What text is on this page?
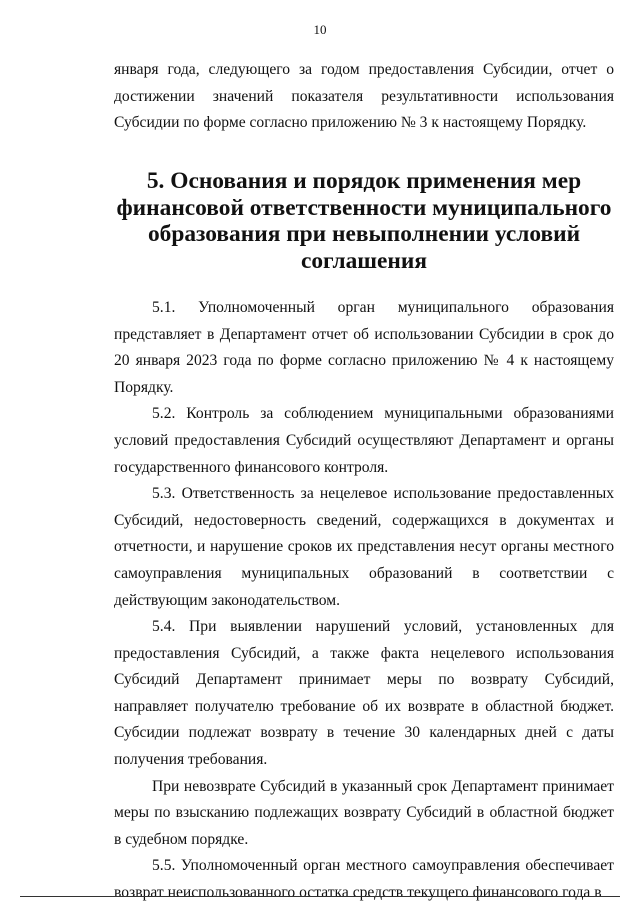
10

января года, следующего за годом предоставления Субсидии, отчет о достижении значений показателя результативности использования Субсидии по форме согласно приложению № 3 к настоящему Порядку.

5. Основания и порядок применения мер финансовой ответственности муниципального образования при невыполнении условий соглашения

5.1. Уполномоченный орган муниципального образования представляет в Департамент отчет об использовании Субсидии в срок до 20 января 2023 года по форме согласно приложению № 4 к настоящему Порядку.

5.2. Контроль за соблюдением муниципальными образованиями условий предоставления Субсидий осуществляют Департамент и органы государственного финансового контроля.

5.3. Ответственность за нецелевое использование предоставленных Субсидий, недостоверность сведений, содержащихся в документах и отчетности, и нарушение сроков их представления несут органы местного самоуправления муниципальных образований в соответствии с действующим законодательством.

5.4. При выявлении нарушений условий, установленных для предоставления Субсидий, а также факта нецелевого использования Субсидий Департамент принимает меры по возврату Субсидий, направляет получателю требование об их возврате в областной бюджет. Субсидии подлежат возврату в течение 30 календарных дней с даты получения требования.

При невозврате Субсидий в указанный срок Департамент принимает меры по взысканию подлежащих возврату Субсидий в областной бюджет в судебном порядке.

5.5. Уполномоченный орган местного самоуправления обеспечивает возврат неиспользованного остатка средств текущего финансового года в
